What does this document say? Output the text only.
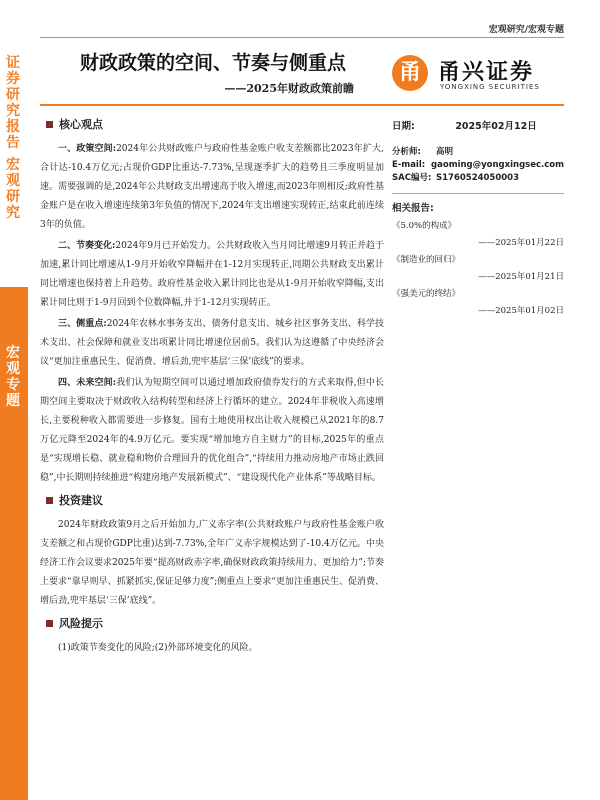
宏观研究/宏观专题
证券研究报告
宏观研究
宏观专题
财政政策的空间、节奏与侧重点
——2025年财政政策前瞻
甬 甬兴证券
YONGXING SECURITIES
核心观点

一、政策空间:2024年公共财政账户与政府性基金账户收支差额都比2023年扩大,合计达-10.4万亿元;占现价GDP比重达-7.73%,呈现逐季扩大的趋势且三季度明显加速。需要强调的是,2024年公共财政支出增速高于收入增速,而2023年则相反;政府性基金账户是在收入增速连续第3年负值的情况下,2024年支出增速实现转正,结束此前连续3年的负值。

二、节奏变化:2024年9月已开始发力。公共财政收入当月同比增速9月转正并趋于加速,累计同比增速从1-9月开始收窄降幅并在1-12月实现转正,同期公共财政支出累计同比增速也保持着上升趋势。政府性基金收入累计同比也是从1-9月开始收窄降幅,支出累计同比则于1-9月回到个位数降幅,并于1-12月实现转正。

三、侧重点:2024年农林水事务支出、债务付息支出、城乡社区事务支出、科学技术支出、社会保障和就业支出项累计同比增速位居前5。我们认为这遵循了中央经济会议“更加注重惠民生、促消费、增后劲,兜牢基层‘三保’底线”的要求。

四、未来空间:我们认为短期空间可以通过增加政府债券发行的方式来取得,但中长期空间主要取决于财政收入结构转型和经济上行循环的建立。2024年非税收入高速增长,主要税种收入都需要进一步修复。国有土地使用权出让收入规模已从2021年的8.7万亿元降至2024年的4.9万亿元。要实现“增加地方自主财力”的目标,2025年的重点是“实现增长稳、就业稳和物价合理回升的优化组合”,“持续用力推动房地产市场止跌回稳”,中长期则持续推进“构建房地产发展新模式”、“建设现代化产业体系”等战略目标。

投资建议

2024年财政政策9月之后开始加力,广义赤字率(公共财政账户与政府性基金账户收支差额之和占现价GDP比重)达到-7.73%,全年广义赤字规模达到了-10.4万亿元。中央经济工作会议要求2025年要“提高财政赤字率,确保财政政策持续用力、更加给力”;节奏上要求“靠早则早、抓紧抓实,保证足够力度”;侧重点上要求“更加注重惠民生、促消费、增后劲,兜牢基层‘三保’底线”。

风险提示

(1)政策节奏变化的风险;(2)外部环境变化的风险。

日期:	2025年02月12日
分析师:	高明
E-mail: gaoming@yongxingsec.com
SAC编号: S1760524050003
相关报告:
《5.0%的构成》
——2025年01月22日
《制造业的回归》
——2025年01月21日
《强美元的终结》
——2025年01月02日
